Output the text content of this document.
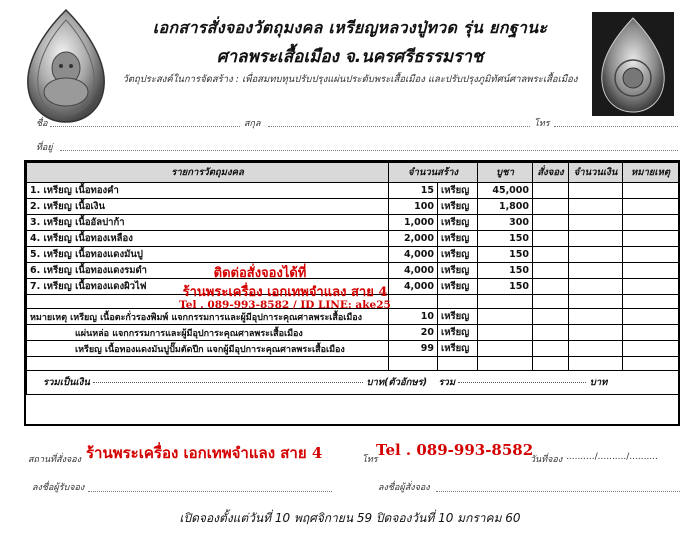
เอกสารสั่งจองวัตถุมงคล เหรียญหลวงปู่ทวด รุ่น ยกฐานะ
ศาลพระเสื้อเมือง จ.นครศรีธรรมราช
วัตถุประสงค์ในการจัดสร้าง : เพื่อสมทบทุนปรับปรุงแผ่นประดับพระเสื้อเมือง และปรับปรุงภูมิทัศน์ศาลพระเสื้อเมือง
ชื่อ	สกุล	โทร
ที่อยู่
รายการวัตถุมงคล	จำนวนสร้าง		บูชา	สั่งจอง	จำนวนเงิน	หมายเหตุ
1. เหรียญ เนื้อทองคำ	15	เหรียญ	45,000			
2. เหรียญ เนื้อเงิน	100	เหรียญ	1,800			
3. เหรียญ เนื้ออัลปาก้า	1,000	เหรียญ	300			
4. เหรียญ เนื้อทองเหลือง	2,000	เหรียญ	150			
5. เหรียญ เนื้อทองแดงมันปู	4,000	เหรียญ	150			
6. เหรียญ เนื้อทองแดงรมดำ	4,000	เหรียญ	150			
7. เหรียญ เนื้อทองแดงผิวไฟ	4,000	เหรียญ	150			

หมายเหตุ เหรียญ เนื้อตะกั่วรองพิมพ์ แจกกรรมการและผู้มีอุปการะคุณศาลพระเสื้อเมือง	10	เหรียญ				
แผ่นหล่อ แจกกรรมการและผู้มีอุปการะคุณศาลพระเสื้อเมือง	20	เหรียญ				
เหรียญ เนื้อทองแดงมันปูปั๊มตัดปีก แจกผู้มีอุปการะคุณศาลพระเสื้อเมือง	99	เหรียญ				

รวมเป็นเงิน บาท(ตัวอักษร) รวม บาท						
ติดต่อสั่งจองได้ที่
ร้านพระเครื่อง เอกเทพจำแลง สาย 4
Tel . 089-993-8582 / ID LINE: ake25
สถานที่สั่งจอง ร้านพระเครื่อง เอกเทพจำแลง สาย 4	โทร
Tel . 089-993-8582
วันที่จอง ........../........../..........
ลงชื่อผู้รับจอง	ลงชื่อผู้สั่งจอง
เปิดจองตั้งแต่วันที่ 10 พฤศจิกายน 59 ปิดจองวันที่ 10 มกราคม 60
